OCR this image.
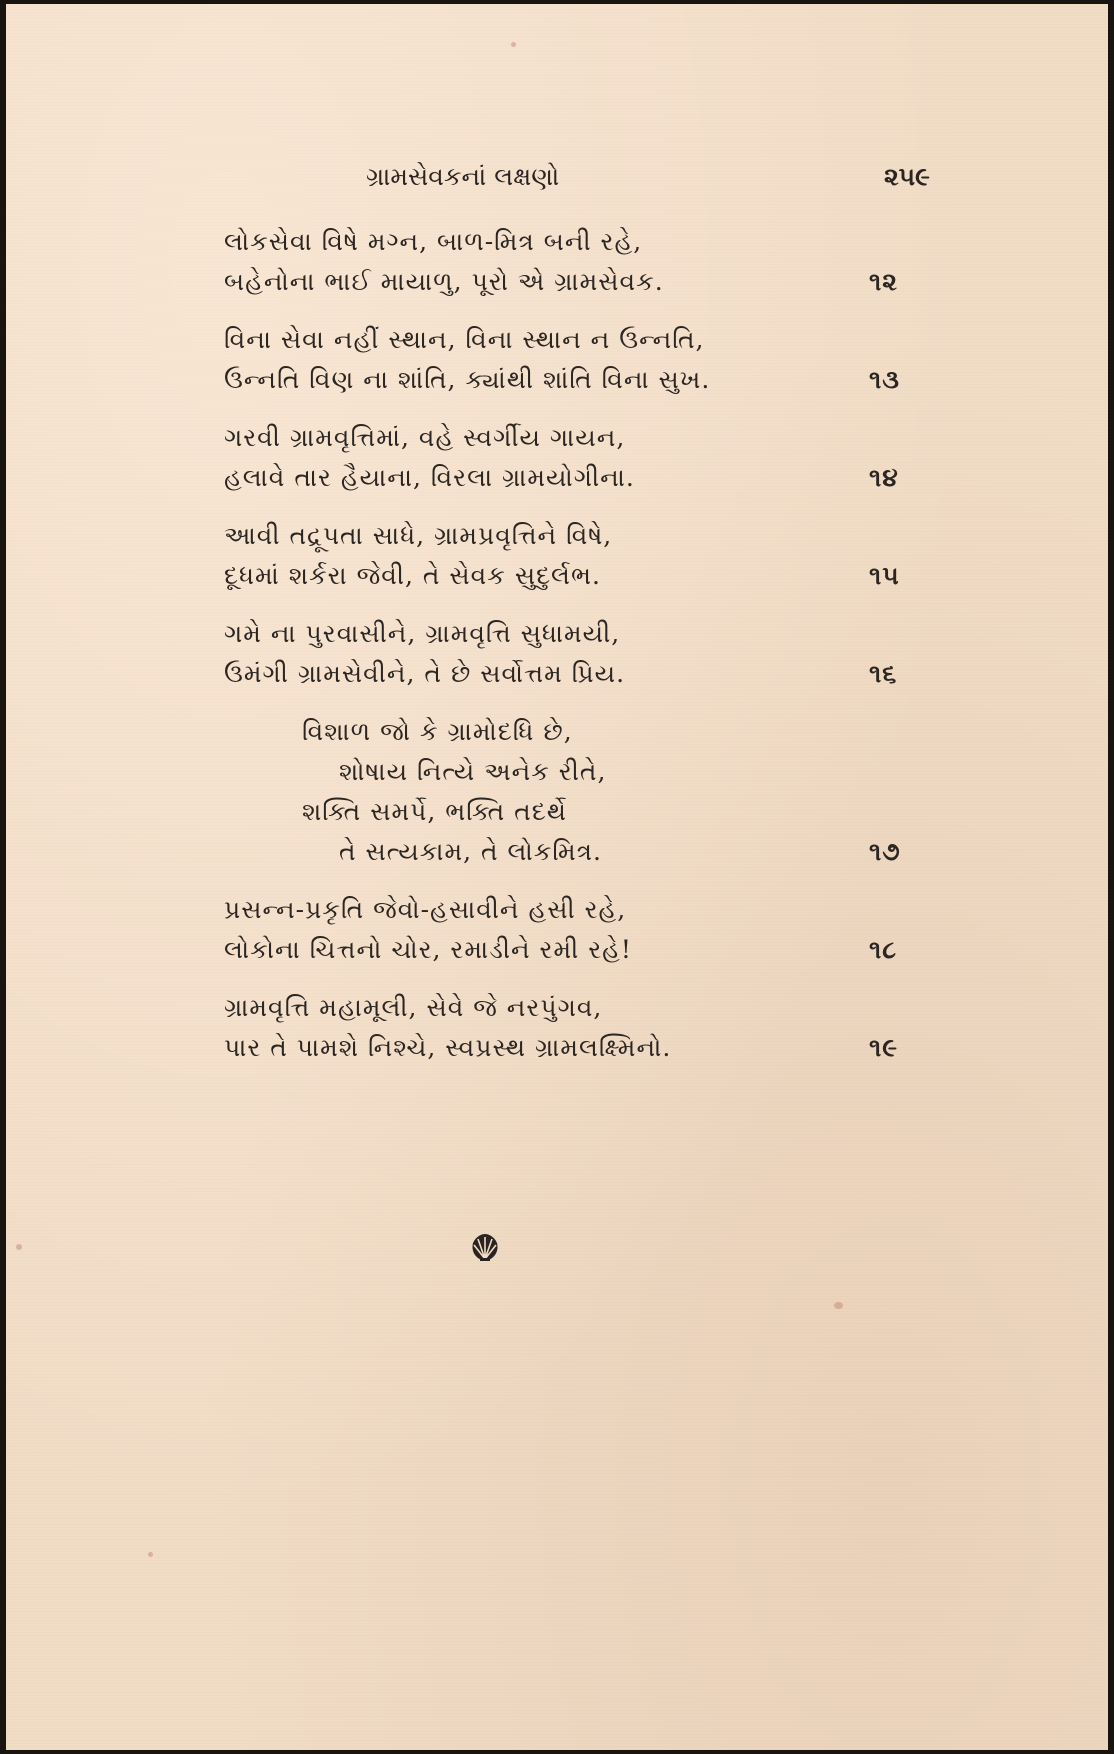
ગ્રામસેવકનાં લક્ષણો	૨૫૯
લોકસેવા વિષે મગ્ન, બાળ-મિત્ર બની રહે,
બહેનોના ભાઈ માયાળુ, પૂરો એ ગ્રામસેવક.	૧૨
વિના સેવા નહીં સ્થાન, વિના સ્થાન ન ઉન્નતિ,
ઉન્નતિ વિણ ના શાંતિ, ક્યાંથી શાંતિ વિના સુખ.	૧૩
ગરવી ગ્રામવૃત્તિમાં, વહે સ્વર્ગીય ગાયન,
હલાવે તાર હૈયાના, વિરલા ગ્રામયોગીના.	૧૪
આવી તદ્રૂપતા સાધે, ગ્રામપ્રવૃત્તિને વિષે,
દૂધમાં શર્કરા જેવી, તે સેવક સુદુર્લભ.	૧૫
ગમે ના પુરવાસીને, ગ્રામવૃત્તિ સુધામયી,
ઉમંગી ગ્રામસેવીને, તે છે સર્વોત્તમ પ્રિય.	૧૬
વિશાળ જો કે ગ્રામોદધિ છે,
શોષાય નિત્યે અનેક રીતે,
શક્તિ સમર્પે, ભક્તિ તદર્થે
તે સત્યકામ, તે લોકમિત્ર.	૧૭
પ્રસન્ન-પ્રકૃતિ જેવો-હસાવીને હસી રહે,
લોકોના ચિત્તનો ચોર, રમાડીને રમી રહે!	૧૮
ગ્રામવૃત્તિ મહામૂલી, સેવે જે નરપુંગવ,
પાર તે પામશે નિશ્ચે, સ્વપ્રસ્થ ગ્રામલક્ષ્મિનો.	૧૯
